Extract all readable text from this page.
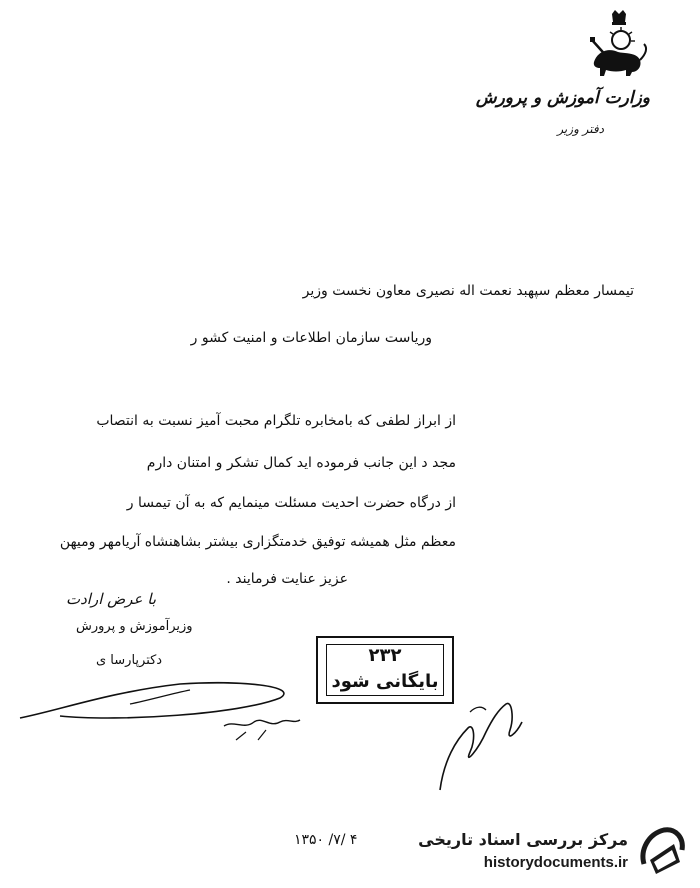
وزارت آموزش و پرورش
دفتر وزیر
تیمسار معظم سپهبد نعمت اله نصیری معاون نخست وزیر
وریاست سازمان اطلاعات و امنیت کشو ر
از ابراز لطفی که بامخابره تلگرام محبت آمیز نسبت به انتصاب
مجد د این جانب فرموده اید کمال تشکر و امتنان دارم
از درگاه حضرت احدیت مسئلت مینمایم که به آن تیمسا ر
معظم مثل همیشه توفیق خدمتگزاری بیشتر بشاهنشاه آریامهر ومیهن
عزیز عنایت فرمایند .
با عرض ارادت
وزیرآموزش و پرورش
دکترپارسا ی	۲۳۲
بایگانی شود
۱۳۵۰ /۷/ ۴	مرکز بررسی اسناد تاریخی
historydocuments.ir
